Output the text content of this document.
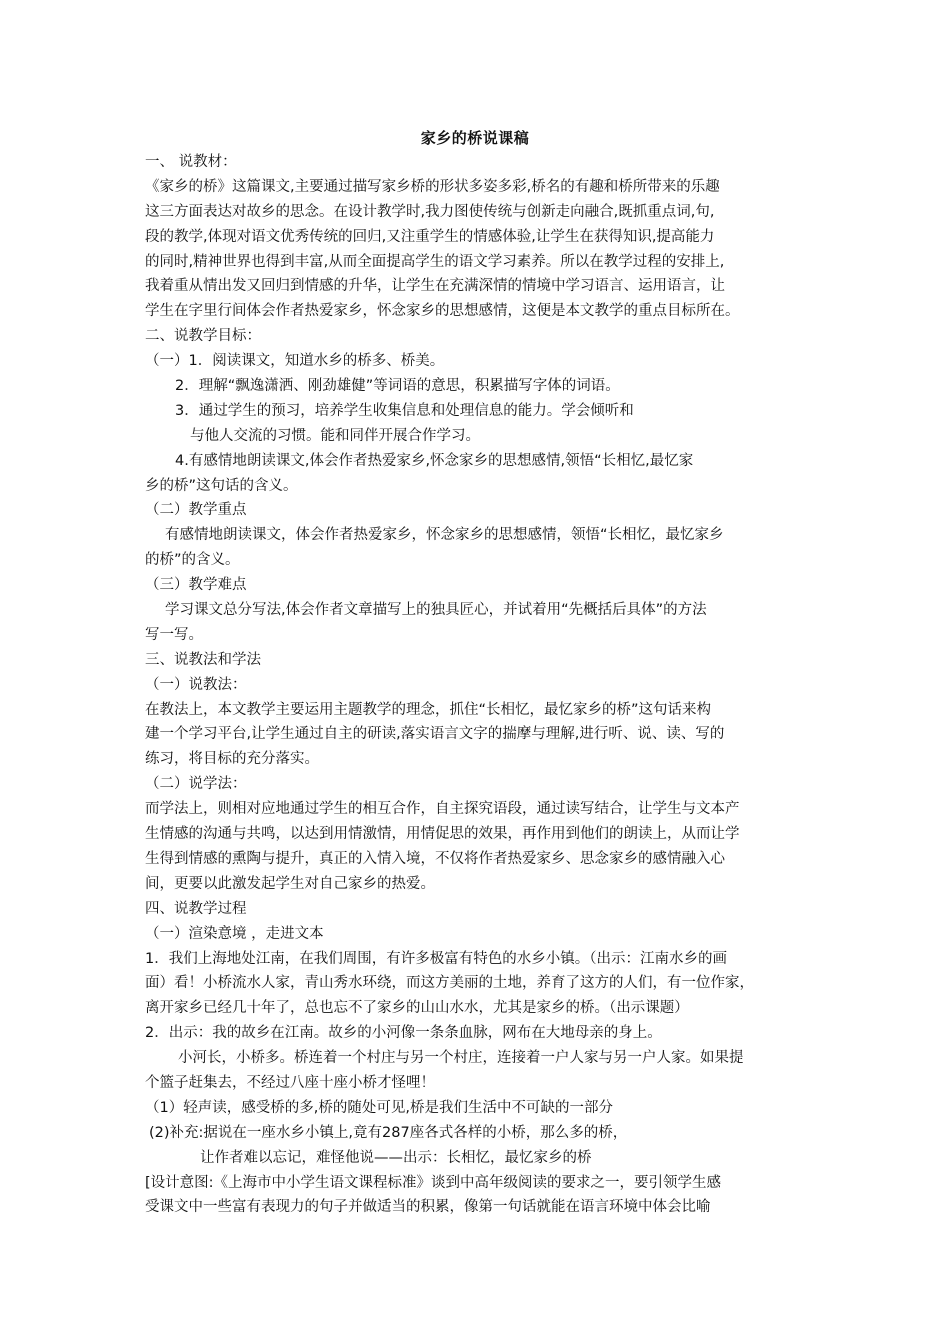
家乡的桥说课稿
一、 说教材：
《家乡的桥》这篇课文,主要通过描写家乡桥的形状多姿多彩,桥名的有趣和桥所带来的乐趣
这三方面表达对故乡的思念。在设计教学时,我力图使传统与创新走向融合,既抓重点词,句,
段的教学,体现对语文优秀传统的回归,又注重学生的情感体验,让学生在获得知识,提高能力
的同时,精神世界也得到丰富,从而全面提高学生的语文学习素养。所以在教学过程的安排上,
我着重从情出发又回归到情感的升华，让学生在充满深情的情境中学习语言、运用语言，让
学生在字里行间体会作者热爱家乡，怀念家乡的思想感情，这便是本文教学的重点目标所在。
二、说教学目标：
（一）1．阅读课文，知道水乡的桥多、桥美。
2．理解“飘逸潇洒、刚劲雄健”等词语的意思，积累描写字体的词语。
3．通过学生的预习，培养学生收集信息和处理信息的能力。学会倾听和
与他人交流的习惯。能和同伴开展合作学习。
4.有感情地朗读课文,体会作者热爱家乡,怀念家乡的思想感情,领悟“长相忆,最忆家
乡的桥”这句话的含义。
（二）教学重点
有感情地朗读课文，体会作者热爱家乡，怀念家乡的思想感情，领悟“长相忆，最忆家乡
的桥”的含义。
（三）教学难点
学习课文总分写法,体会作者文章描写上的独具匠心，并试着用“先概括后具体”的方法
写一写。
三、说教法和学法
（一）说教法：
在教法上，本文教学主要运用主题教学的理念，抓住“长相忆，最忆家乡的桥”这句话来构
建一个学习平台,让学生通过自主的研读,落实语言文字的揣摩与理解,进行听、说、读、写的
练习，将目标的充分落实。
（二）说学法：
而学法上，则相对应地通过学生的相互合作，自主探究语段，通过读写结合，让学生与文本产
生情感的沟通与共鸣，以达到用情激情，用情促思的效果，再作用到他们的朗读上，从而让学
生得到情感的熏陶与提升，真正的入情入境，不仅将作者热爱家乡、思念家乡的感情融入心
间，更要以此激发起学生对自己家乡的热爱。
四、说教学过程
（一）渲染意境 ，走进文本
1．我们上海地处江南，在我们周围，有许多极富有特色的水乡小镇。（出示：江南水乡的画
面）看！小桥流水人家，青山秀水环绕，而这方美丽的土地，养育了这方的人们，有一位作家，
离开家乡已经几十年了，总也忘不了家乡的山山水水，尤其是家乡的桥。（出示课题）
2．出示：我的故乡在江南。故乡的小河像一条条血脉，网布在大地母亲的身上。
小河长，小桥多。桥连着一个村庄与另一个村庄，连接着一户人家与另一户人家。如果提
个篮子赶集去，不经过八座十座小桥才怪哩！
（1）轻声读，感受桥的多,桥的随处可见,桥是我们生活中不可缺的一部分
(2)补充:据说在一座水乡小镇上,竟有287座各式各样的小桥，那么多的桥，
让作者难以忘记，难怪他说——出示：长相忆，最忆家乡的桥
[设计意图:《上海市中小学生语文课程标准》谈到中高年级阅读的要求之一，要引领学生感
受课文中一些富有表现力的句子并做适当的积累，像第一句话就能在语言环境中体会比喻
